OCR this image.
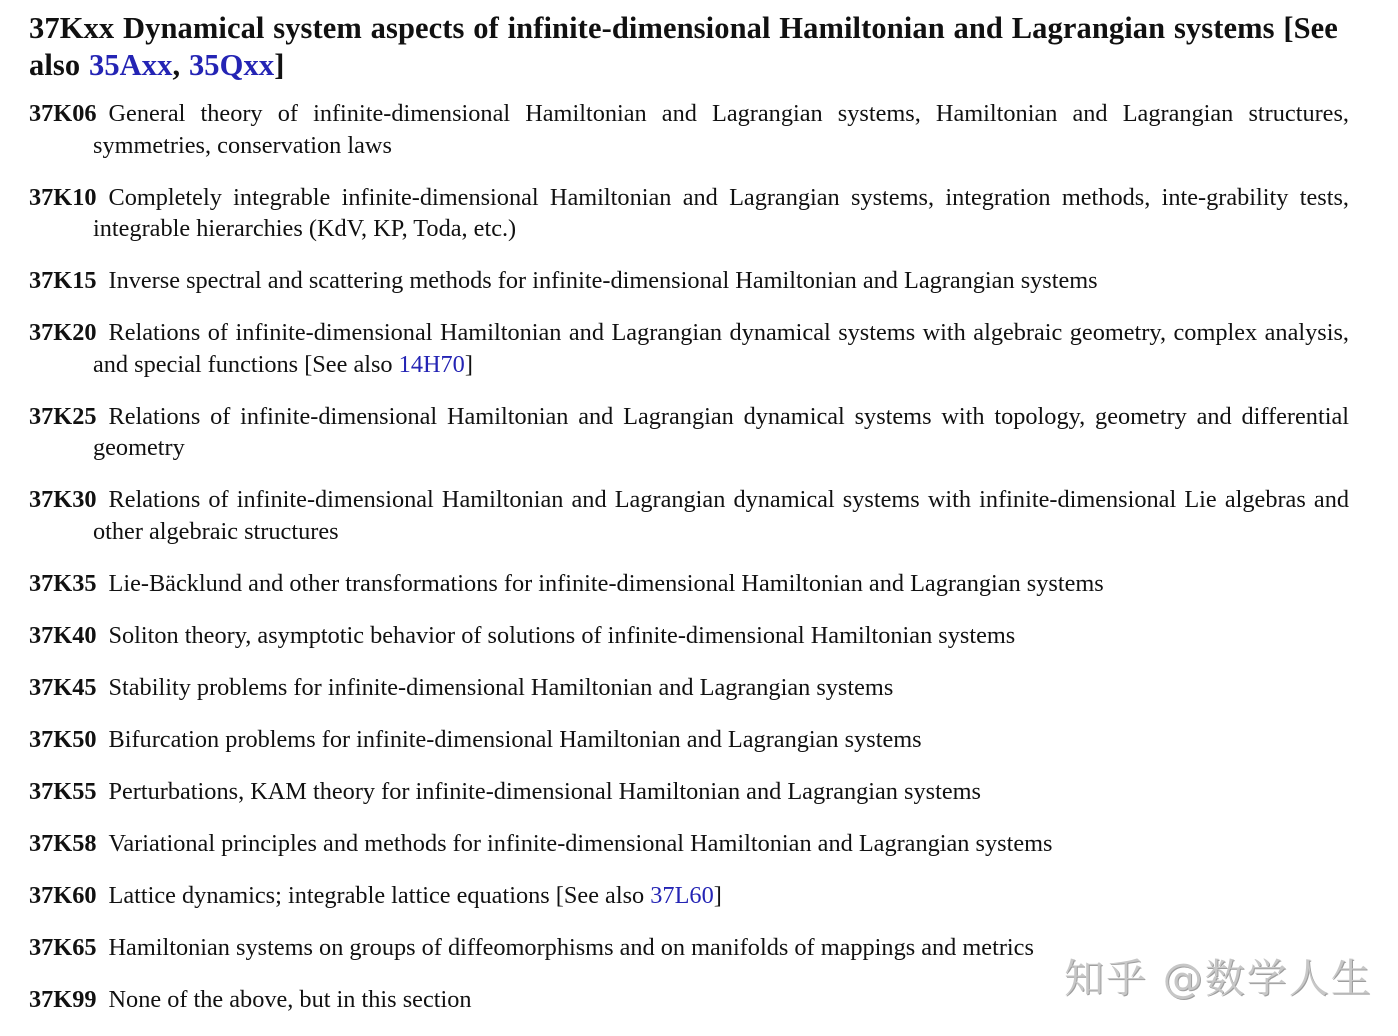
37Kxx Dynamical system aspects of infinite-dimensional Hamiltonian and Lagrangian systems [See also 35Axx, 35Qxx]
37K06 General theory of infinite-dimensional Hamiltonian and Lagrangian systems, Hamiltonian and Lagrangian structures, symmetries, conservation laws
37K10 Completely integrable infinite-dimensional Hamiltonian and Lagrangian systems, integration methods, inte-grability tests, integrable hierarchies (KdV, KP, Toda, etc.)
37K15 Inverse spectral and scattering methods for infinite-dimensional Hamiltonian and Lagrangian systems
37K20 Relations of infinite-dimensional Hamiltonian and Lagrangian dynamical systems with algebraic geometry, complex analysis, and special functions [See also 14H70]
37K25 Relations of infinite-dimensional Hamiltonian and Lagrangian dynamical systems with topology, geometry and differential geometry
37K30 Relations of infinite-dimensional Hamiltonian and Lagrangian dynamical systems with infinite-dimensional Lie algebras and other algebraic structures
37K35 Lie-Bäcklund and other transformations for infinite-dimensional Hamiltonian and Lagrangian systems
37K40 Soliton theory, asymptotic behavior of solutions of infinite-dimensional Hamiltonian systems
37K45 Stability problems for infinite-dimensional Hamiltonian and Lagrangian systems
37K50 Bifurcation problems for infinite-dimensional Hamiltonian and Lagrangian systems
37K55 Perturbations, KAM theory for infinite-dimensional Hamiltonian and Lagrangian systems
37K58 Variational principles and methods for infinite-dimensional Hamiltonian and Lagrangian systems
37K60 Lattice dynamics; integrable lattice equations [See also 37L60]
37K65 Hamiltonian systems on groups of diffeomorphisms and on manifolds of mappings and metrics
37K99 None of the above, but in this section	知乎 @数学人生
